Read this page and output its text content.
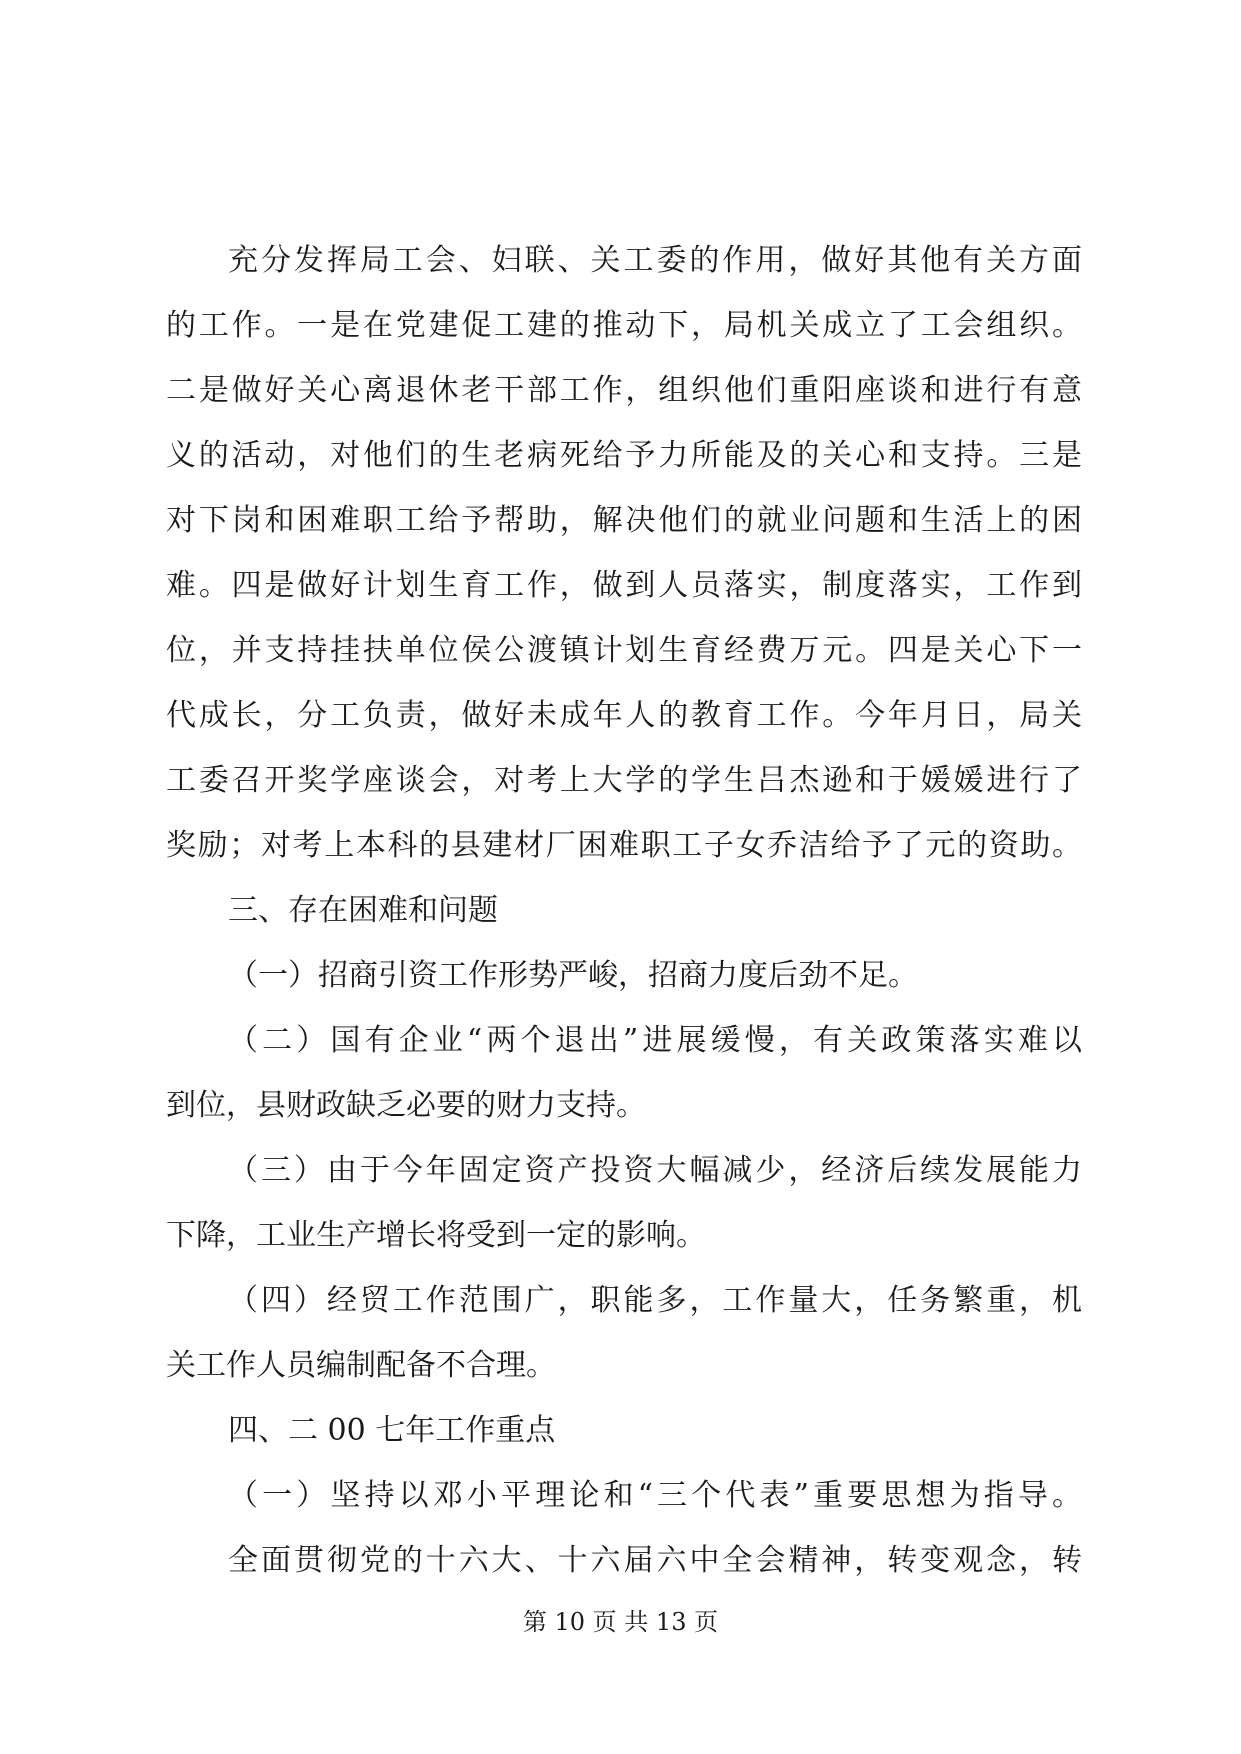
充分发挥局工会、妇联、关工委的作用，做好其他有关方面
的工作。一是在党建促工建的推动下，局机关成立了工会组织。
二是做好关心离退休老干部工作，组织他们重阳座谈和进行有意
义的活动，对他们的生老病死给予力所能及的关心和支持。三是
对下岗和困难职工给予帮助，解决他们的就业问题和生活上的困
难。四是做好计划生育工作，做到人员落实，制度落实，工作到
位，并支持挂扶单位侯公渡镇计划生育经费万元。四是关心下一
代成长，分工负责，做好未成年人的教育工作。今年月日，局关
工委召开奖学座谈会，对考上大学的学生吕杰逊和于媛媛进行了
奖励；对考上本科的县建材厂困难职工子女乔洁给予了元的资助。
三、存在困难和问题
（一）招商引资工作形势严峻，招商力度后劲不足。
（二）国有企业“两个退出”进展缓慢，有关政策落实难以
到位，县财政缺乏必要的财力支持。
（三）由于今年固定资产投资大幅减少，经济后续发展能力
下降，工业生产增长将受到一定的影响。
（四）经贸工作范围广，职能多，工作量大，任务繁重，机
关工作人员编制配备不合理。
四、二 00 七年工作重点
（一）坚持以邓小平理论和“三个代表”重要思想为指导。
全面贯彻党的十六大、十六届六中全会精神，转变观念，转
第 10 页 共 13 页
